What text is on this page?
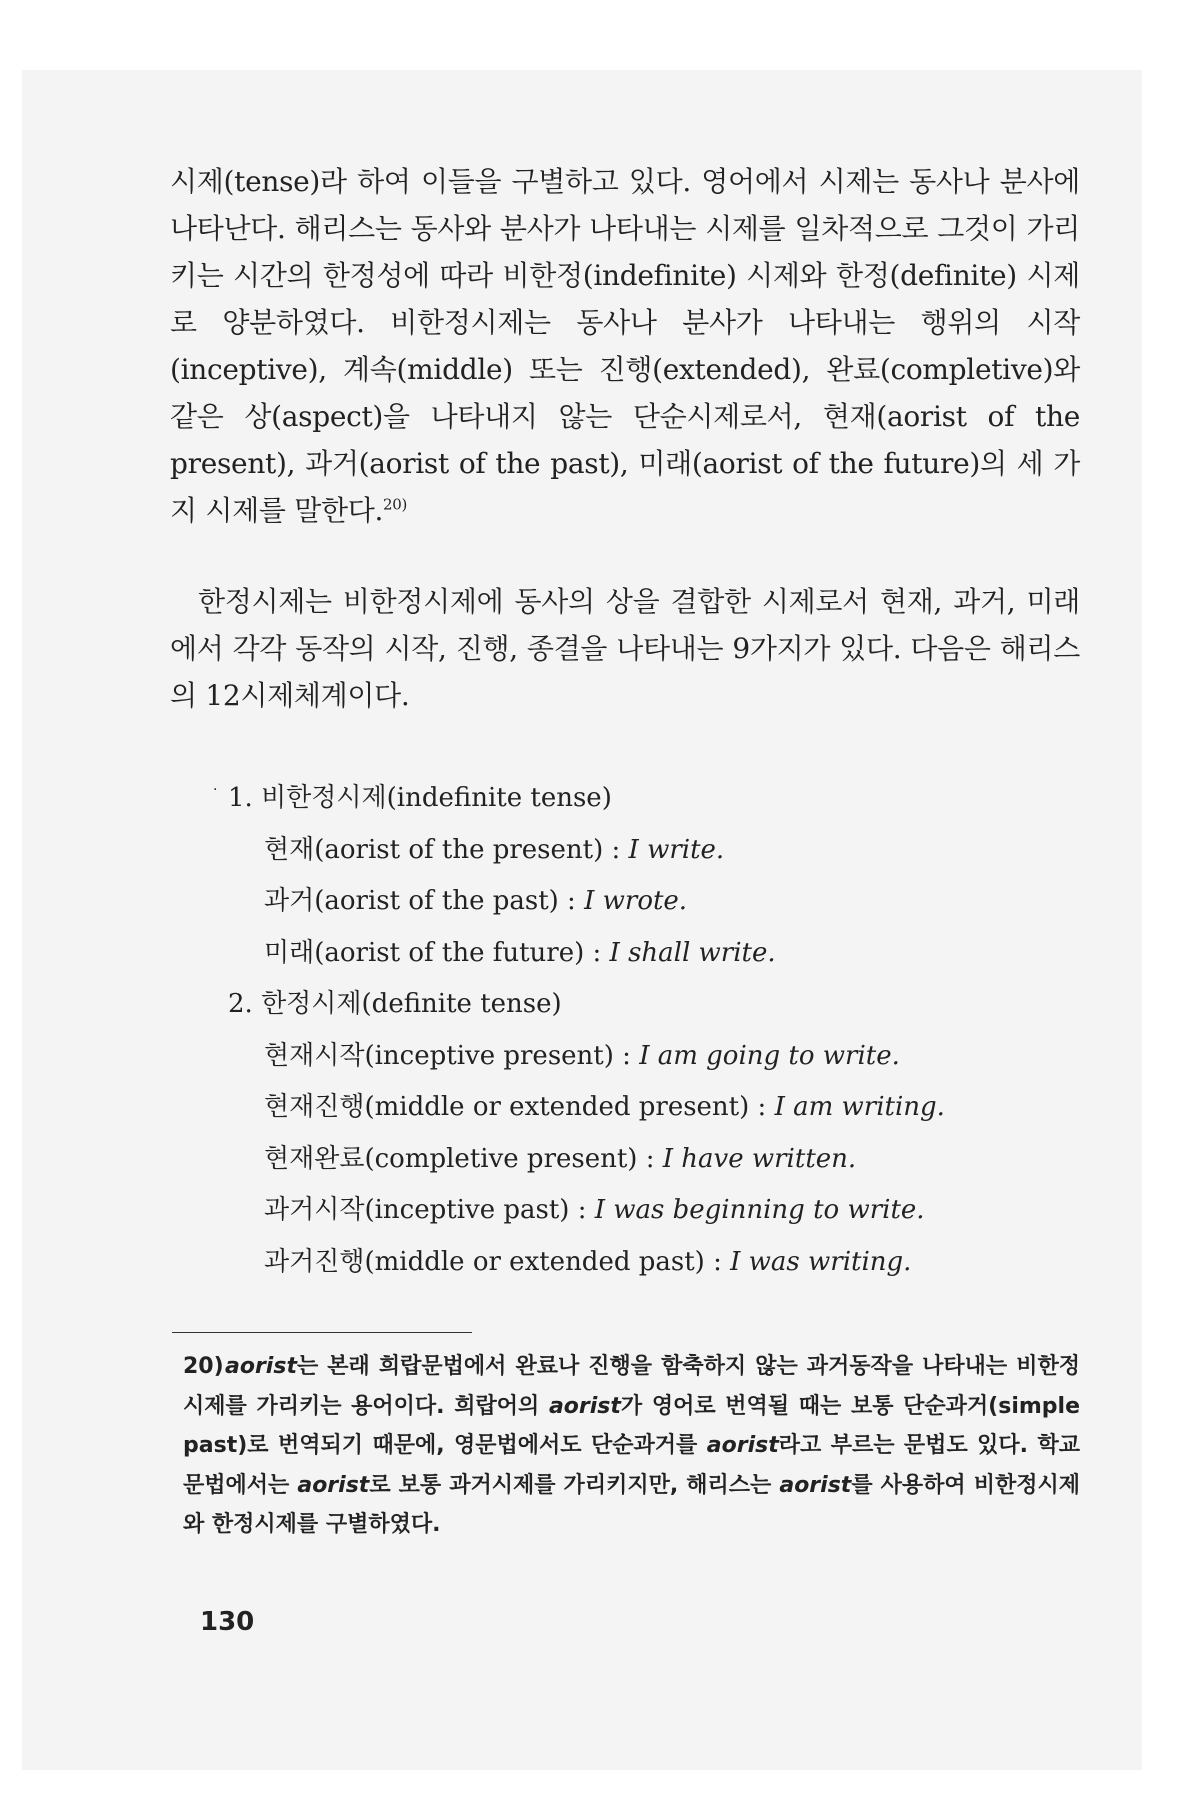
시제(tense)라 하여 이들을 구별하고 있다. 영어에서 시제는 동사나 분사에 나타난다. 해리스는 동사와 분사가 나타내는 시제를 일차적으로 그것이 가리키는 시간의 한정성에 따라 비한정(indefinite) 시제와 한정(definite) 시제로 양분하였다. 비한정시제는 동사나 분사가 나타내는 행위의 시작(inceptive), 계속(middle) 또는 진행(extended), 완료(completive)와 같은 상(aspect)을 나타내지 않는 단순시제로서, 현재(aorist of the present), 과거(aorist of the past), 미래(aorist of the future)의 세 가지 시제를 말한다.$^{20)}$

한정시제는 비한정시제에 동사의 상을 결합한 시제로서 현재, 과거, 미래에서 각각 동작의 시작, 진행, 종결을 나타내는 9가지가 있다. 다음은 해리스의 12시제체계이다.

· 1. 비한정시제(indefinite tense)
현재(aorist of the present) : I write.
과거(aorist of the past) : I wrote.
미래(aorist of the future) : I shall write.
2. 한정시제(definite tense)
현재시작(inceptive present) : I am going to write.
현재진행(middle or extended present) : I am writing.
현재완료(completive present) : I have written.
과거시작(inceptive past) : I was beginning to write.
과거진행(middle or extended past) : I was writing.
20)aorist는 본래 희랍문법에서 완료나 진행을 함축하지 않는 과거동작을 나타내는 비한정시제를 가리키는 용어이다. 희랍어의 aorist가 영어로 번역될 때는 보통 단순과거(simple past)로 번역되기 때문에, 영문법에서도 단순과거를 aorist라고 부르는 문법도 있다. 학교문법에서는 aorist로 보통 과거시제를 가리키지만, 해리스는 aorist를 사용하여 비한정시제와 한정시제를 구별하였다.
130
